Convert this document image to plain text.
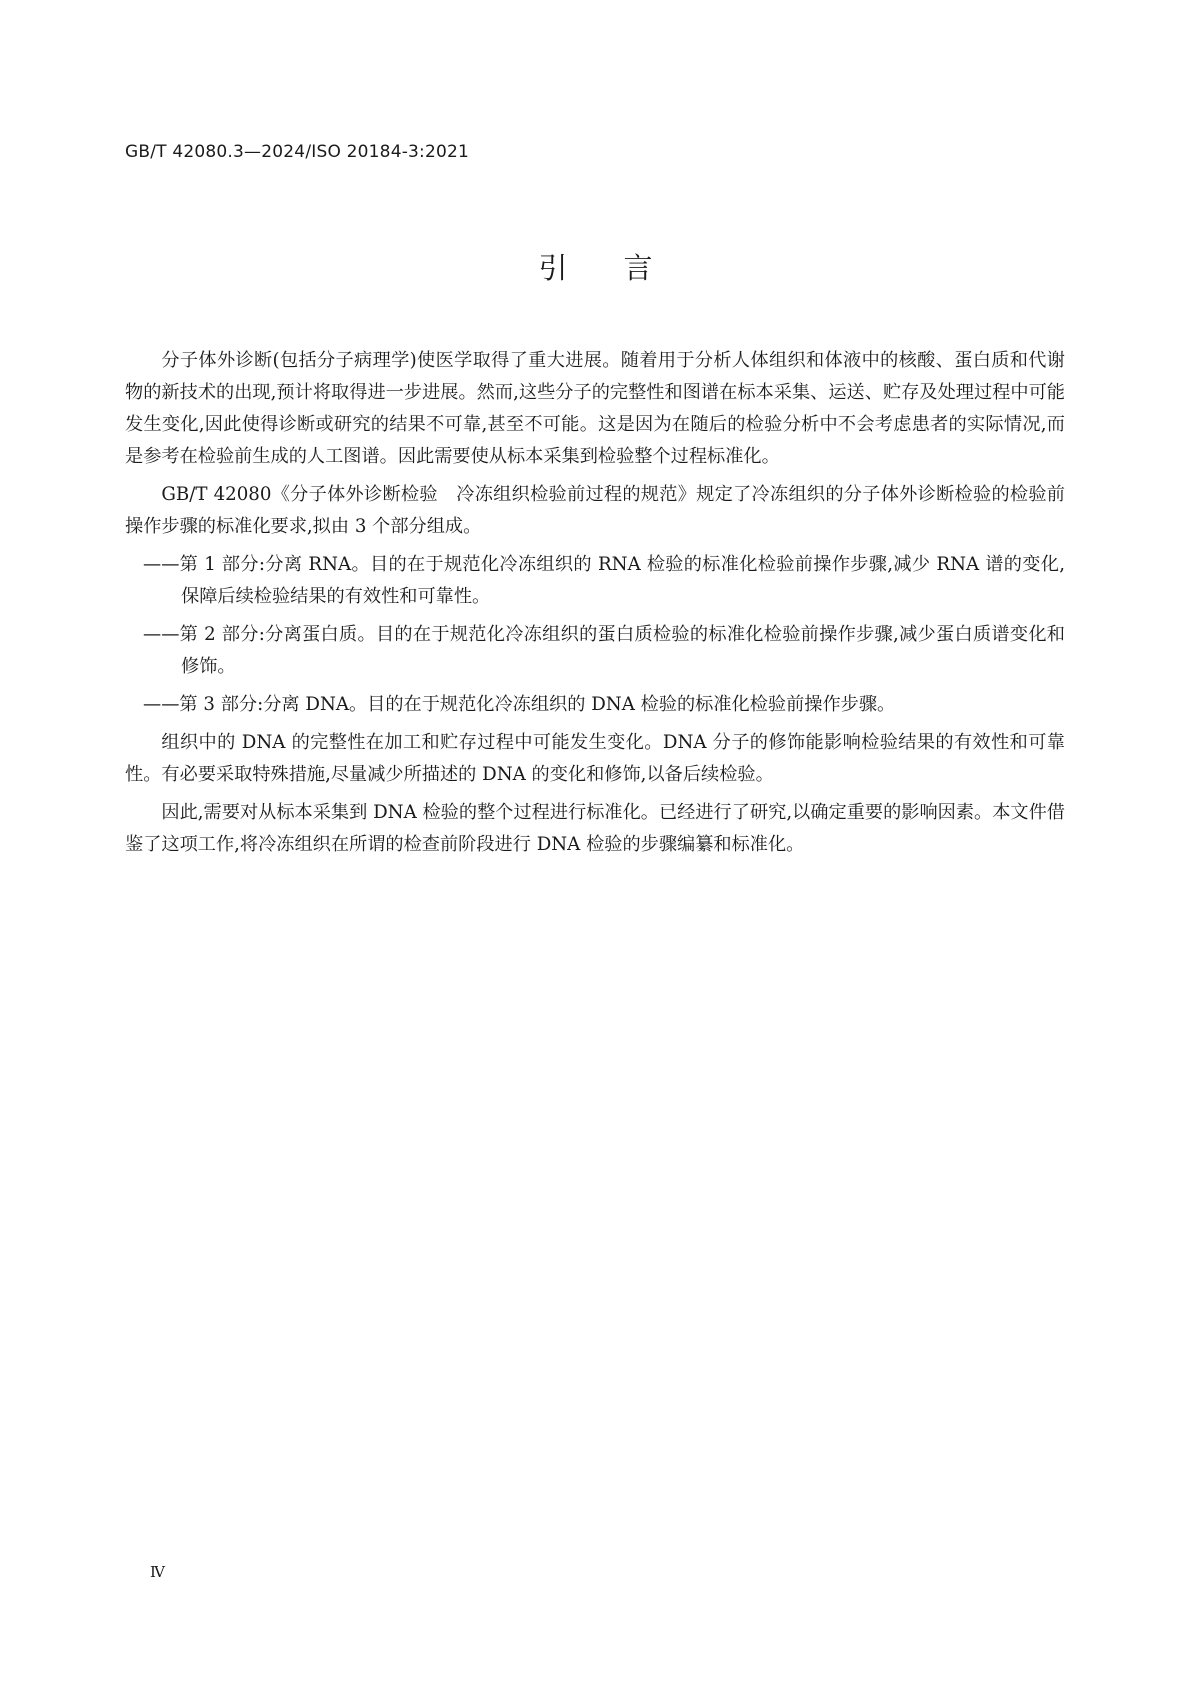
GB/T 42080.3—2024/ISO 20184-3:2021
引言

分子体外诊断(包括分子病理学)使医学取得了重大进展。随着用于分析人体组织和体液中的核酸、蛋白质和代谢物的新技术的出现,预计将取得进一步进展。然而,这些分子的完整性和图谱在标本采集、运送、贮存及处理过程中可能发生变化,因此使得诊断或研究的结果不可靠,甚至不可能。这是因为在随后的检验分析中不会考虑患者的实际情况,而是参考在检验前生成的人工图谱。因此需要使从标本采集到检验整个过程标准化。

GB/T 42080《分子体外诊断检验　冷冻组织检验前过程的规范》规定了冷冻组织的分子体外诊断检验的检验前操作步骤的标准化要求,拟由 3 个部分组成。

——第 1 部分:分离 RNA。目的在于规范化冷冻组织的 RNA 检验的标准化检验前操作步骤,减少 RNA 谱的变化,保障后续检验结果的有效性和可靠性。
——第 2 部分:分离蛋白质。目的在于规范化冷冻组织的蛋白质检验的标准化检验前操作步骤,减少蛋白质谱变化和修饰。
——第 3 部分:分离 DNA。目的在于规范化冷冻组织的 DNA 检验的标准化检验前操作步骤。

组织中的 DNA 的完整性在加工和贮存过程中可能发生变化。DNA 分子的修饰能影响检验结果的有效性和可靠性。有必要采取特殊措施,尽量减少所描述的 DNA 的变化和修饰,以备后续检验。

因此,需要对从标本采集到 DNA 检验的整个过程进行标准化。已经进行了研究,以确定重要的影响因素。本文件借鉴了这项工作,将冷冻组织在所谓的检查前阶段进行 DNA 检验的步骤编纂和标准化。

Ⅳ
